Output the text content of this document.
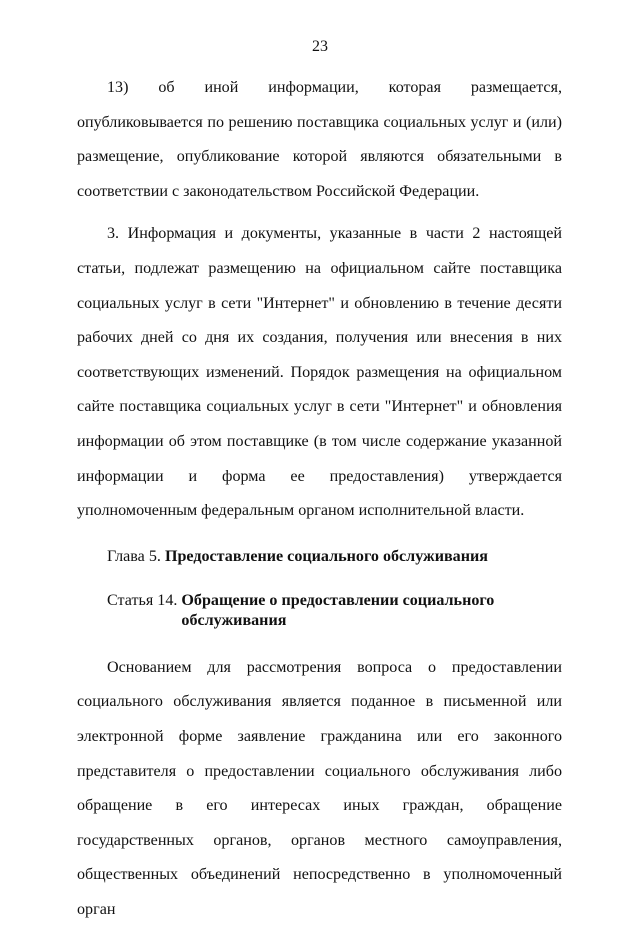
23

13) об иной информации, которая размещается, опубликовывается по решению поставщика социальных услуг и (или) размещение, опубликование которой являются обязательными в соответствии с законодательством Российской Федерации.

3. Информация и документы, указанные в части 2 настоящей статьи, подлежат размещению на официальном сайте поставщика социальных услуг в сети "Интернет" и обновлению в течение десяти рабочих дней со дня их создания, получения или внесения в них соответствующих изменений. Порядок размещения на официальном сайте поставщика социальных услуг в сети "Интернет" и обновления информации об этом поставщике (в том числе содержание указанной информации и форма ее предоставления) утверждается уполномоченным федеральным органом исполнительной власти.

Глава 5. Предоставление социального обслуживания
Статья 14. Обращение о предоставлении социального обслуживания

Основанием для рассмотрения вопроса о предоставлении социального обслуживания является поданное в письменной или электронной форме заявление гражданина или его законного представителя о предоставлении социального обслуживания либо обращение в его интересах иных граждан, обращение государственных органов, органов местного самоуправления, общественных объединений непосредственно в уполномоченный орган
